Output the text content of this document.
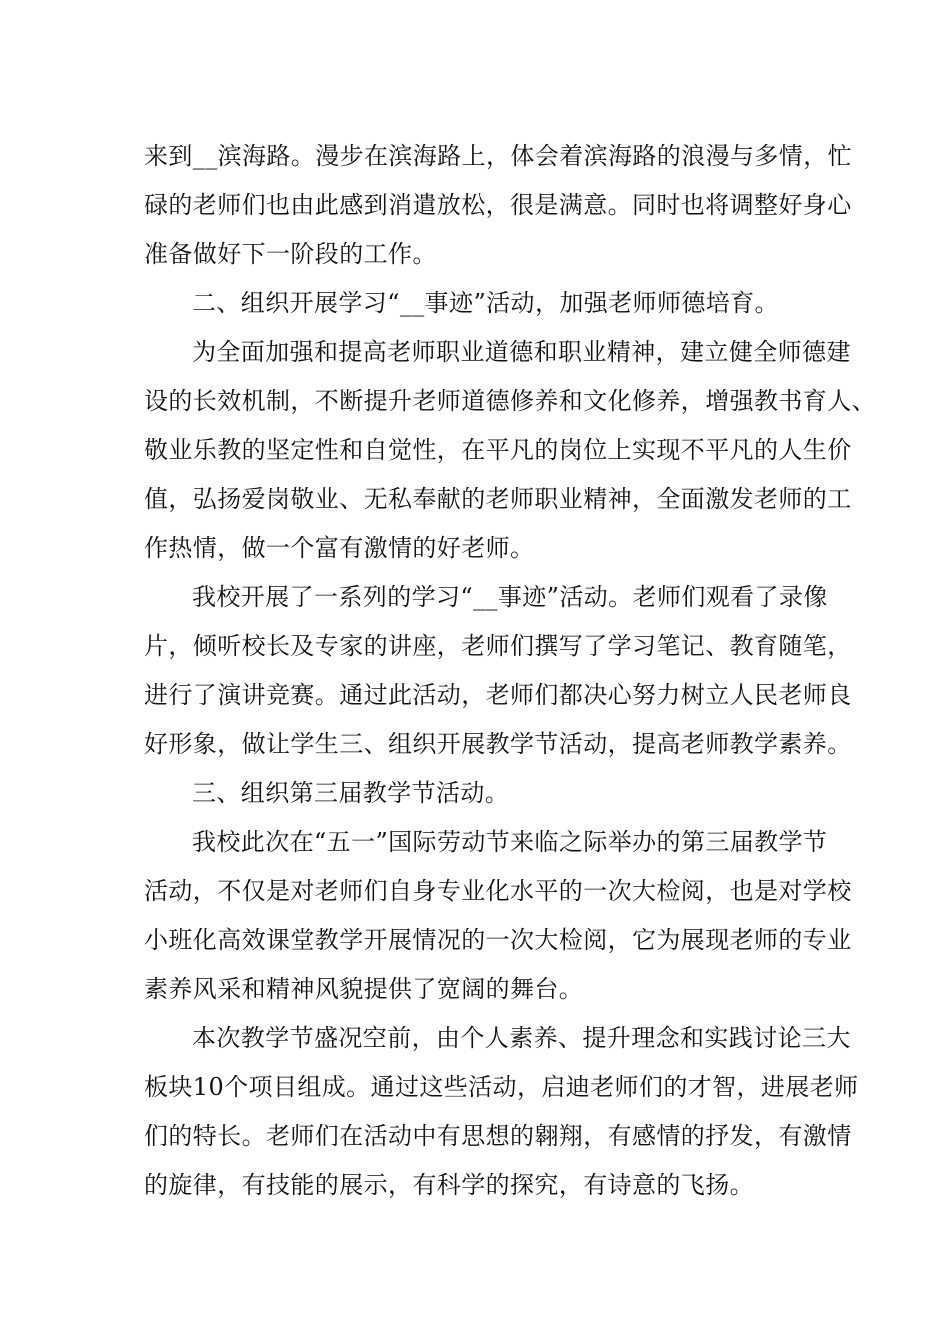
来到__滨海路。漫步在滨海路上，体会着滨海路的浪漫与多情，忙
碌的老师们也由此感到消遣放松，很是满意。同时也将调整好身心
准备做好下一阶段的工作。

二、组织开展学习“__事迹”活动，加强老师师德培育。

为全面加强和提高老师职业道德和职业精神，建立健全师德建
设的长效机制，不断提升老师道德修养和文化修养，增强教书育人、
敬业乐教的坚定性和自觉性，在平凡的岗位上实现不平凡的人生价
值，弘扬爱岗敬业、无私奉献的老师职业精神，全面激发老师的工
作热情，做一个富有激情的好老师。

我校开展了一系列的学习“__事迹”活动。老师们观看了录像
片，倾听校长及专家的讲座，老师们撰写了学习笔记、教育随笔，
进行了演讲竞赛。通过此活动，老师们都决心努力树立人民老师良
好形象，做让学生三、组织开展教学节活动，提高老师教学素养。

三、组织第三届教学节活动。

我校此次在“五一”国际劳动节来临之际举办的第三届教学节
活动，不仅是对老师们自身专业化水平的一次大检阅，也是对学校
小班化高效课堂教学开展情况的一次大检阅，它为展现老师的专业
素养风采和精神风貌提供了宽阔的舞台。

本次教学节盛况空前，由个人素养、提升理念和实践讨论三大
板块10个项目组成。通过这些活动，启迪老师们的才智，进展老师
们的特长。老师们在活动中有思想的翱翔，有感情的抒发，有激情
的旋律，有技能的展示，有科学的探究，有诗意的飞扬。
